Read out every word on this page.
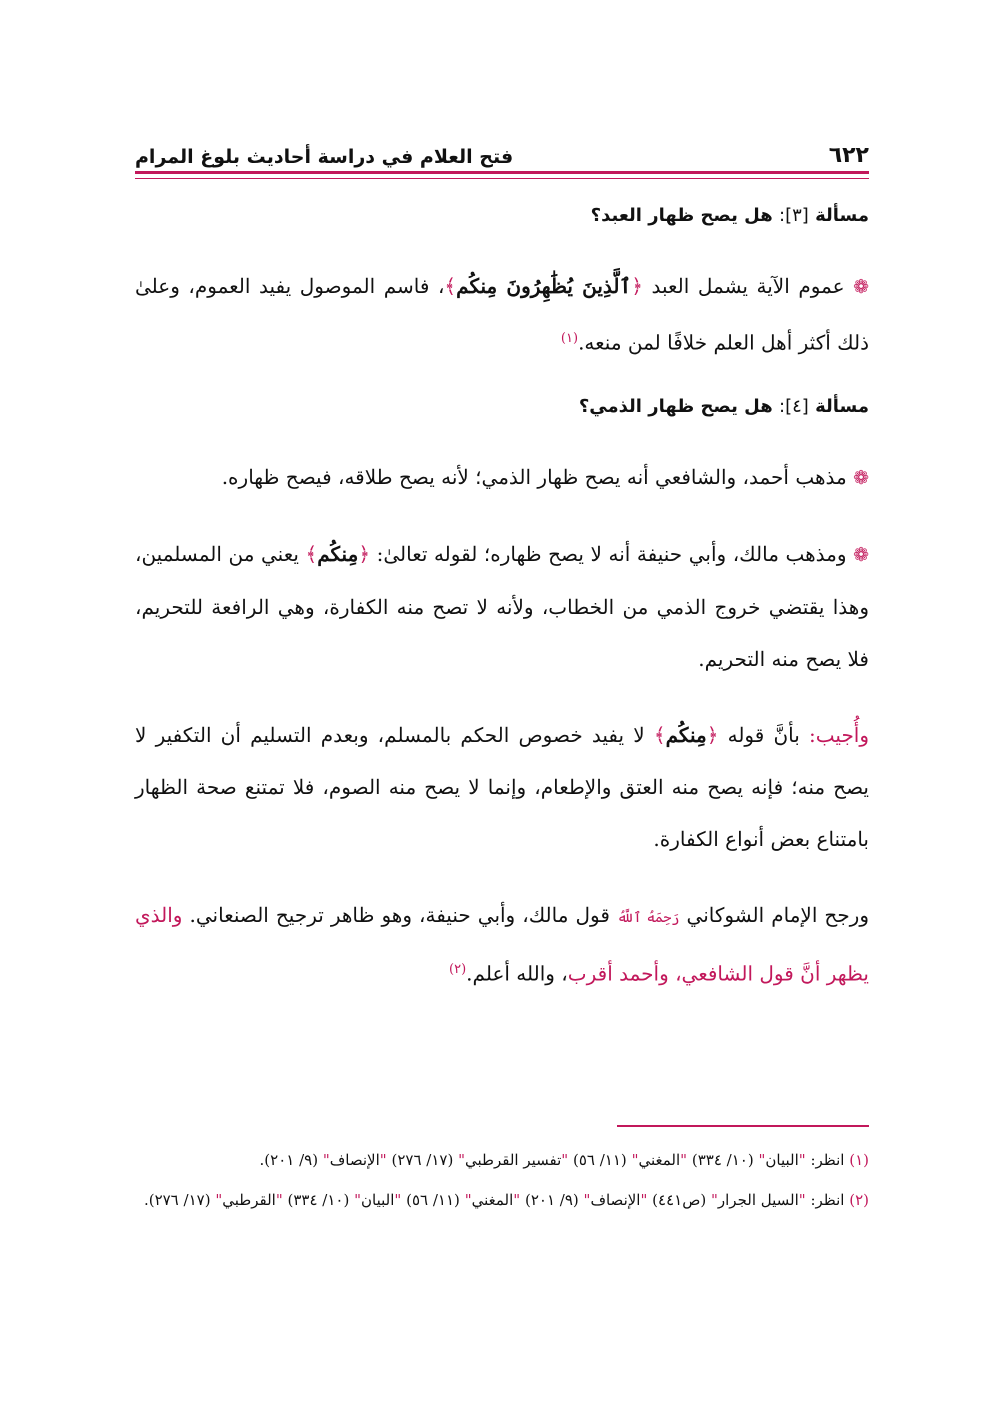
٦٢٢
فتح العلام في دراسة أحاديث بلوغ المرام
مسألة [٣]: هل يصح ظهار العبد؟

❁ عموم الآية يشمل العبد ﴿ٱلَّذِينَ يُظَٰهِرُونَ مِنكُم﴾، فاسم الموصول يفيد العموم، وعلىٰ ذلك أكثر أهل العلم خلافًا لمن منعه.$^{(١)}$

مسألة [٤]: هل يصح ظهار الذمي؟

❁ مذهب أحمد، والشافعي أنه يصح ظهار الذمي؛ لأنه يصح طلاقه، فيصح ظهاره.

❁ ومذهب مالك، وأبي حنيفة أنه لا يصح ظهاره؛ لقوله تعالىٰ: ﴿مِنكُم﴾ يعني من المسلمين، وهذا يقتضي خروج الذمي من الخطاب، ولأنه لا تصح منه الكفارة، وهي الرافعة للتحريم، فلا يصح منه التحريم.

وأُجيب: بأنَّ قوله ﴿مِنكُم﴾ لا يفيد خصوص الحكم بالمسلم، وبعدم التسليم أن التكفير لا يصح منه؛ فإنه يصح منه العتق والإطعام، وإنما لا يصح منه الصوم، فلا تمتنع صحة الظهار بامتناع بعض أنواع الكفارة.

ورجح الإمام الشوكاني رَحِمَهُ ٱللَّهُ قول مالك، وأبي حنيفة، وهو ظاهر ترجيح الصنعاني. والذي يظهر أنَّ قول الشافعي، وأحمد أقرب، والله أعلم.$^{(٢)}$

(١) انظر: "البيان" (١٠/ ٣٣٤) "المغني" (١١/ ٥٦) "تفسير القرطبي" (١٧/ ٢٧٦) "الإنصاف" (٩/ ٢٠١).
(٢) انظر: "السيل الجرار" (ص٤٤١) "الإنصاف" (٩/ ٢٠١) "المغني" (١١/ ٥٦) "البيان" (١٠/ ٣٣٤) "القرطبي" (١٧/ ٢٧٦).
